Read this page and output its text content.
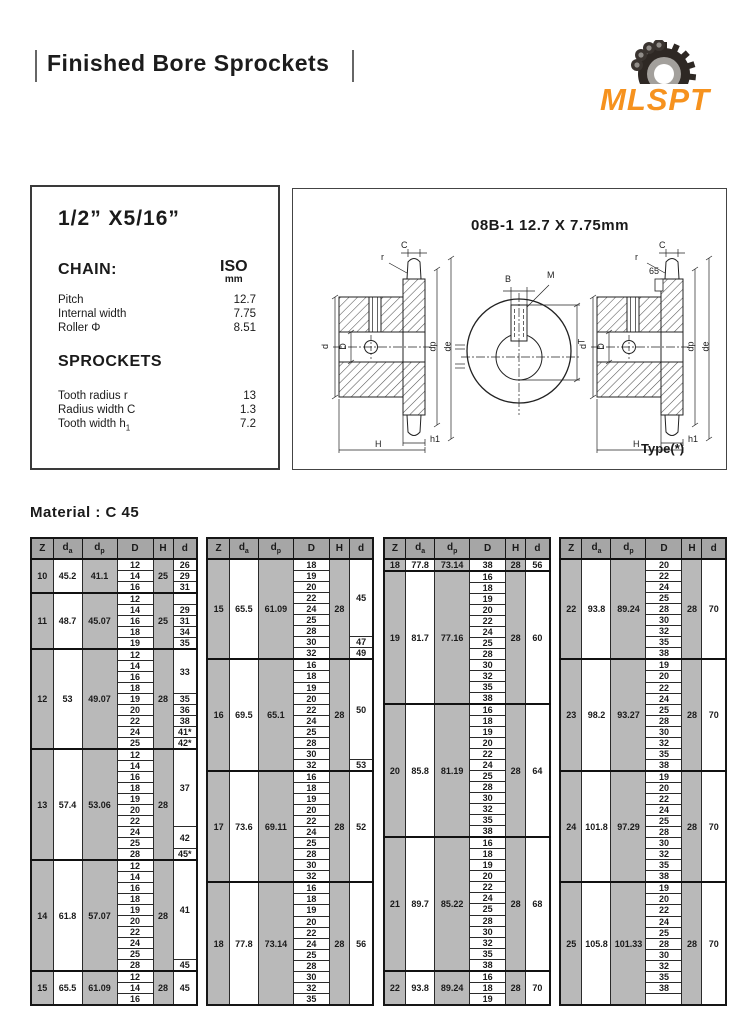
Finished Bore Sprockets
MLSPT
1/2” X5/16”
CHAIN:	ISO
mm
Pitch	12.7
Internal width	7.75
Roller Φ	8.51
SPROCKETS
Tooth radius r	13
Radius width C	1.3
Tooth width $h_1$	7.2
08B-1 12.7 X 7.75mm
C
r
d D	dp de
h1
H
B	M
T
C
r
65
d D	dp de
h1
H Type(*)
Material : C 45
Z	$d_a$	$d_p$	D	H	d
10	45.2	41.1	12	25	26
			14		29
			16		31
11	48.7	45.07	12	25	
			14		29
			16		31
			18		34
			19		35
12	53	49.07	12	28	33
			14		
			16		
			18		
			19		35
			20		36
			22		38
			24		41*
			25		42*
13	57.4	53.06	12	28	37
			14		
			16		
			18		
			19		
			20		
			22		
			24		42
			25		
			28		45*
14	61.8	57.07	12	28	41
			14		
			16		
			18		
			19		
			20		
			22		
			24		
			25		
			28		45
15	65.5	61.09	12	28	45
			14		
			16		
Z	$d_a$	$d_p$	D	H	d
15	65.5	61.09	18	28	45
			19		
			20		
			22		
			24		
			25		
			28		
			30		47
			32		49
16	69.5	65.1	16	28	50
			18		
			19		
			20		
			22		
			24		
			25		
			28		
			30		
			32		53
17	73.6	69.11	16	28	52
			18		
			19		
			20		
			22		
			24		
			25		
			28		
			30		
			32		
18	77.8	73.14	16	28	56
			18		
			19		
			20		
			22		
			24		
			25		
			28		
			30		
			32		
			35		
Z	$d_a$	$d_p$	D	H	d
18	77.8	73.14	38	28	56
19	81.7	77.16	16	28	60
			18		
			19		
			20		
			22		
			24		
			25		
			28		
			30		
			32		
			35		
			38		
20	85.8	81.19	16	28	64
			18		
			19		
			20		
			22		
			24		
			25		
			28		
			30		
			32		
			35		
			38		
21	89.7	85.22	16	28	68
			18		
			19		
			20		
			22		
			24		
			25		
			28		
			30		
			32		
			35		
			38		
22	93.8	89.24	16	28	70
			18		
			19		
Z	$d_a$	$d_p$	D	H	d
22	93.8	89.24	20	28	70
			22		
			24		
			25		
			28		
			30		
			32		
			35		
			38		
23	98.2	93.27	19	28	70
			20		
			22		
			24		
			25		
			28		
			30		
			32		
			35		
			38		
24	101.8	97.29	19	28	70
			20		
			22		
			24		
			25		
			28		
			30		
			32		
			35		
			38		
25	105.8	101.33	19	28	70
			20		
			22		
			24		
			25		
			28		
			30		
			32		
			35		
			38		
